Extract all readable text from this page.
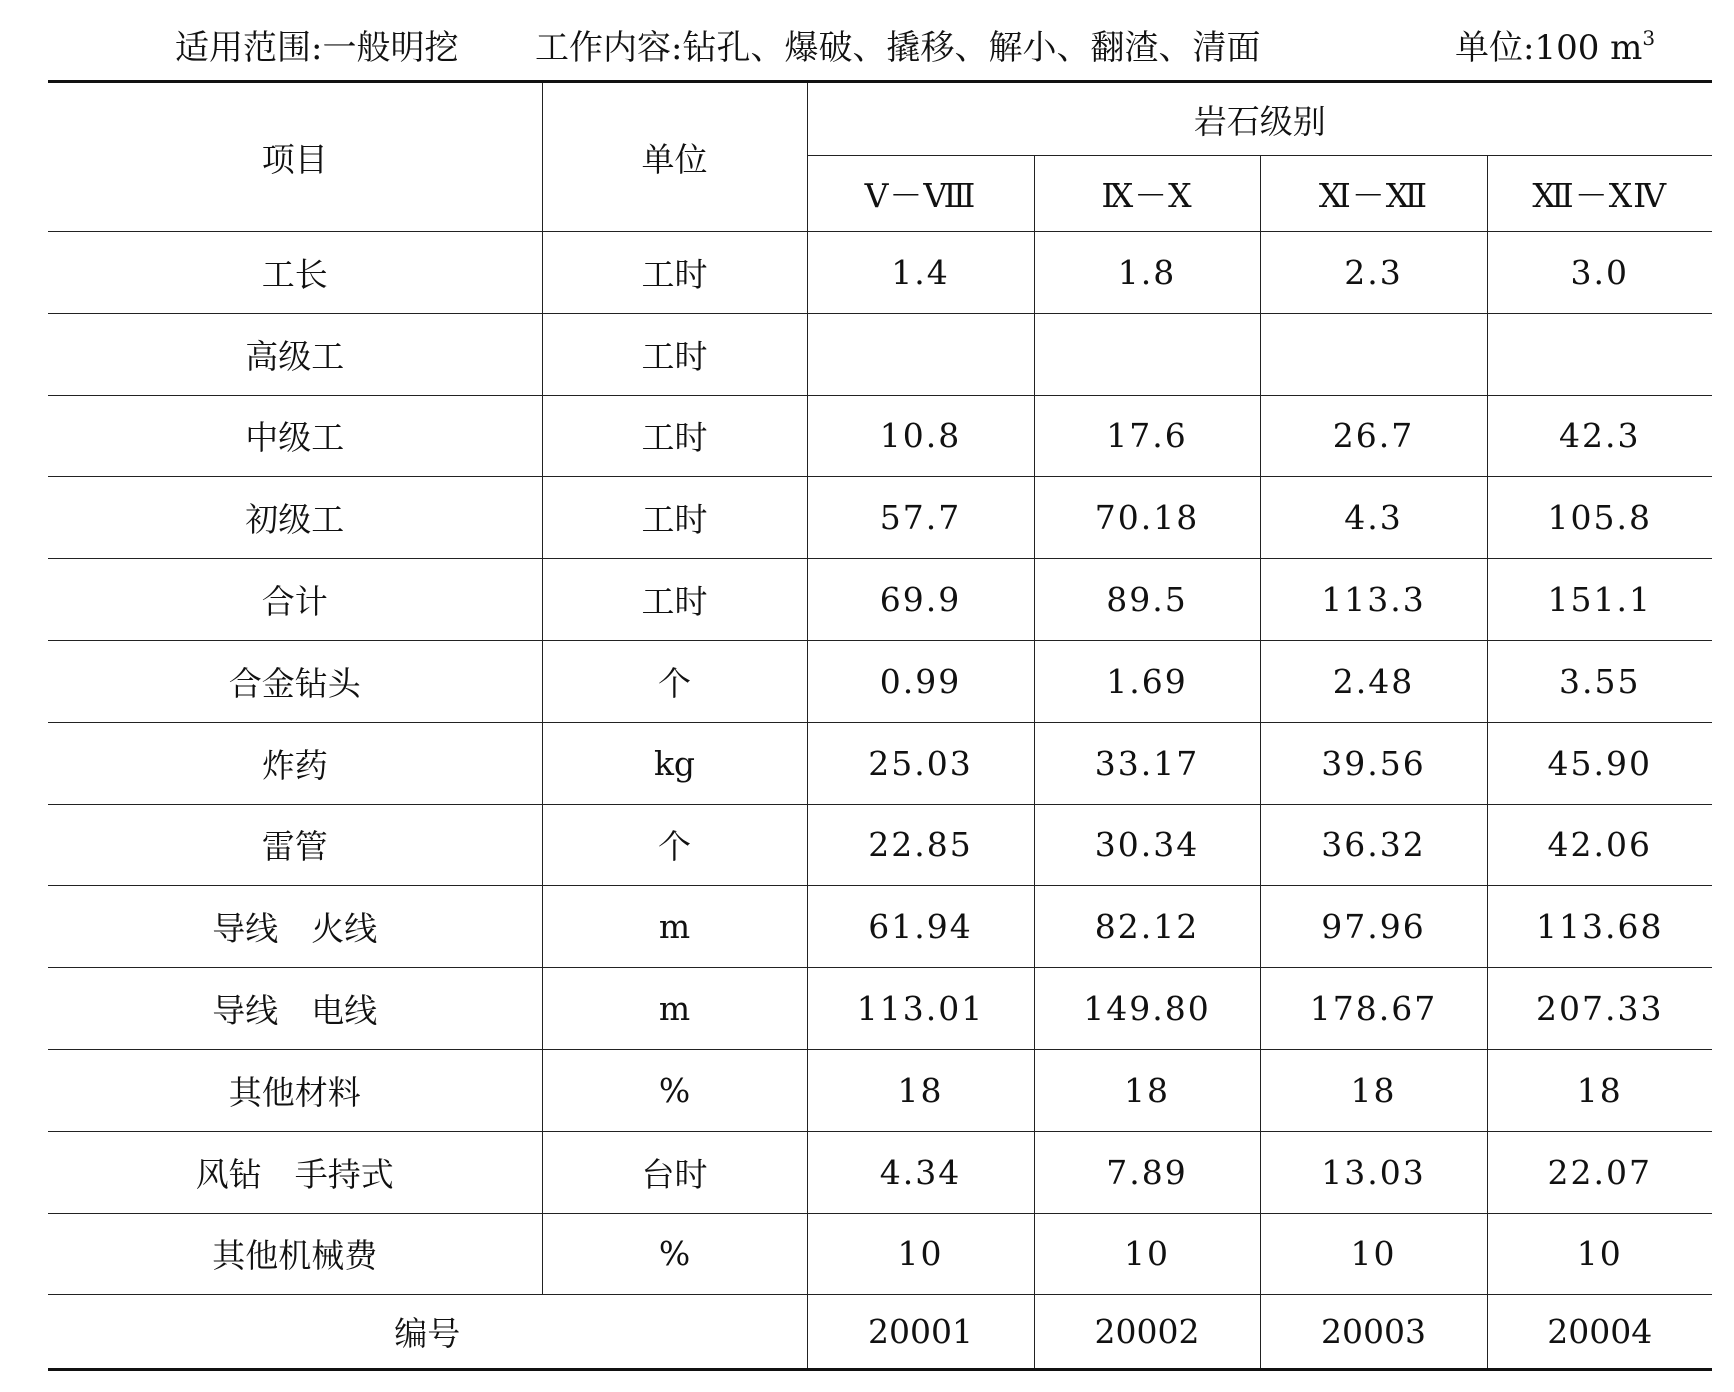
适用范围:一般明挖 工作内容:钻孔、爆破、撬移、解小、翻渣、清面	单位:100 $m^3$
项目	单位	岩石级别			
		Ⅴ－Ⅷ	Ⅸ－Ⅹ	Ⅺ－Ⅻ	Ⅻ－ⅩⅣ
工长	工时	1.4	1.8	2.3	3.0
高级工	工时				
中级工	工时	10.8	17.6	26.7	42.3
初级工	工时	57.7	70.18	4.3	105.8
合计	工时	69.9	89.5	113.3	151.1
合金钻头	个	0.99	1.69	2.48	3.55
炸药	kg	25.03	33.17	39.56	45.90
雷管	个	22.85	30.34	36.32	42.06
导线　火线	m	61.94	82.12	97.96	113.68
导线　电线	m	113.01	149.80	178.67	207.33
其他材料	%	18	18	18	18
风钻　手持式	台时	4.34	7.89	13.03	22.07
其他机械费	%	10	10	10	10
编号		20001	20002	20003	20004
